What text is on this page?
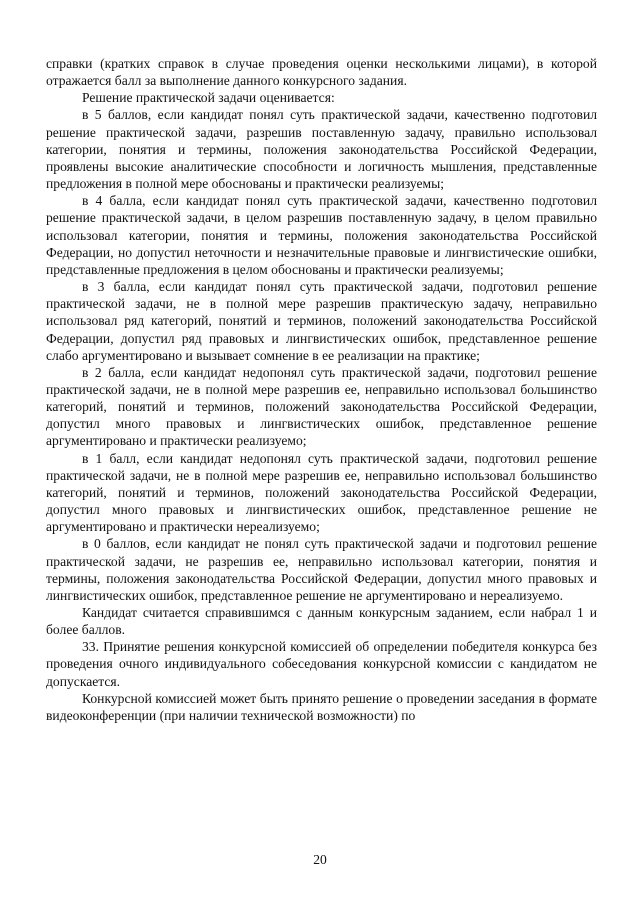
справки (кратких справок в случае проведения оценки несколькими лицами), в которой отражается балл за выполнение данного конкурсного задания.

Решение практической задачи оценивается:

в 5 баллов, если кандидат понял суть практической задачи, качественно подготовил решение практической задачи, разрешив поставленную задачу, правильно использовал категории, понятия и термины, положения законодательства Российской Федерации, проявлены высокие аналитические способности и логичность мышления, представленные предложения в полной мере обоснованы и практически реализуемы;

в 4 балла, если кандидат понял суть практической задачи, качественно подготовил решение практической задачи, в целом разрешив поставленную задачу, в целом правильно использовал категории, понятия и термины, положения законодательства Российской Федерации, но допустил неточности и незначительные правовые и лингвистические ошибки, представленные предложения в целом обоснованы и практически реализуемы;

в 3 балла, если кандидат понял суть практической задачи, подготовил решение практической задачи, не в полной мере разрешив практическую задачу, неправильно использовал ряд категорий, понятий и терминов, положений законодательства Российской Федерации, допустил ряд правовых и лингвистических ошибок, представленное решение слабо аргументировано и вызывает сомнение в ее реализации на практике;

в 2 балла, если кандидат недопонял суть практической задачи, подготовил решение практической задачи, не в полной мере разрешив ее, неправильно использовал большинство категорий, понятий и терминов, положений законодательства Российской Федерации, допустил много правовых и лингвистических ошибок, представленное решение аргументировано и практически реализуемо;

в 1 балл, если кандидат недопонял суть практической задачи, подготовил решение практической задачи, не в полной мере разрешив ее, неправильно использовал большинство категорий, понятий и терминов, положений законодательства Российской Федерации, допустил много правовых и лингвистических ошибок, представленное решение не аргументировано и практически нереализуемо;

в 0 баллов, если кандидат не понял суть практической задачи и подготовил решение практической задачи, не разрешив ее, неправильно использовал категории, понятия и термины, положения законодательства Российской Федерации, допустил много правовых и лингвистических ошибок, представленное решение не аргументировано и нереализуемо.

Кандидат считается справившимся с данным конкурсным заданием, если набрал 1 и более баллов.

33. Принятие решения конкурсной комиссией об определении победителя конкурса без проведения очного индивидуального собеседования конкурсной комиссии с кандидатом не допускается.

Конкурсной комиссией может быть принято решение о проведении заседания в формате видеоконференции (при наличии технической возможности) по

20
